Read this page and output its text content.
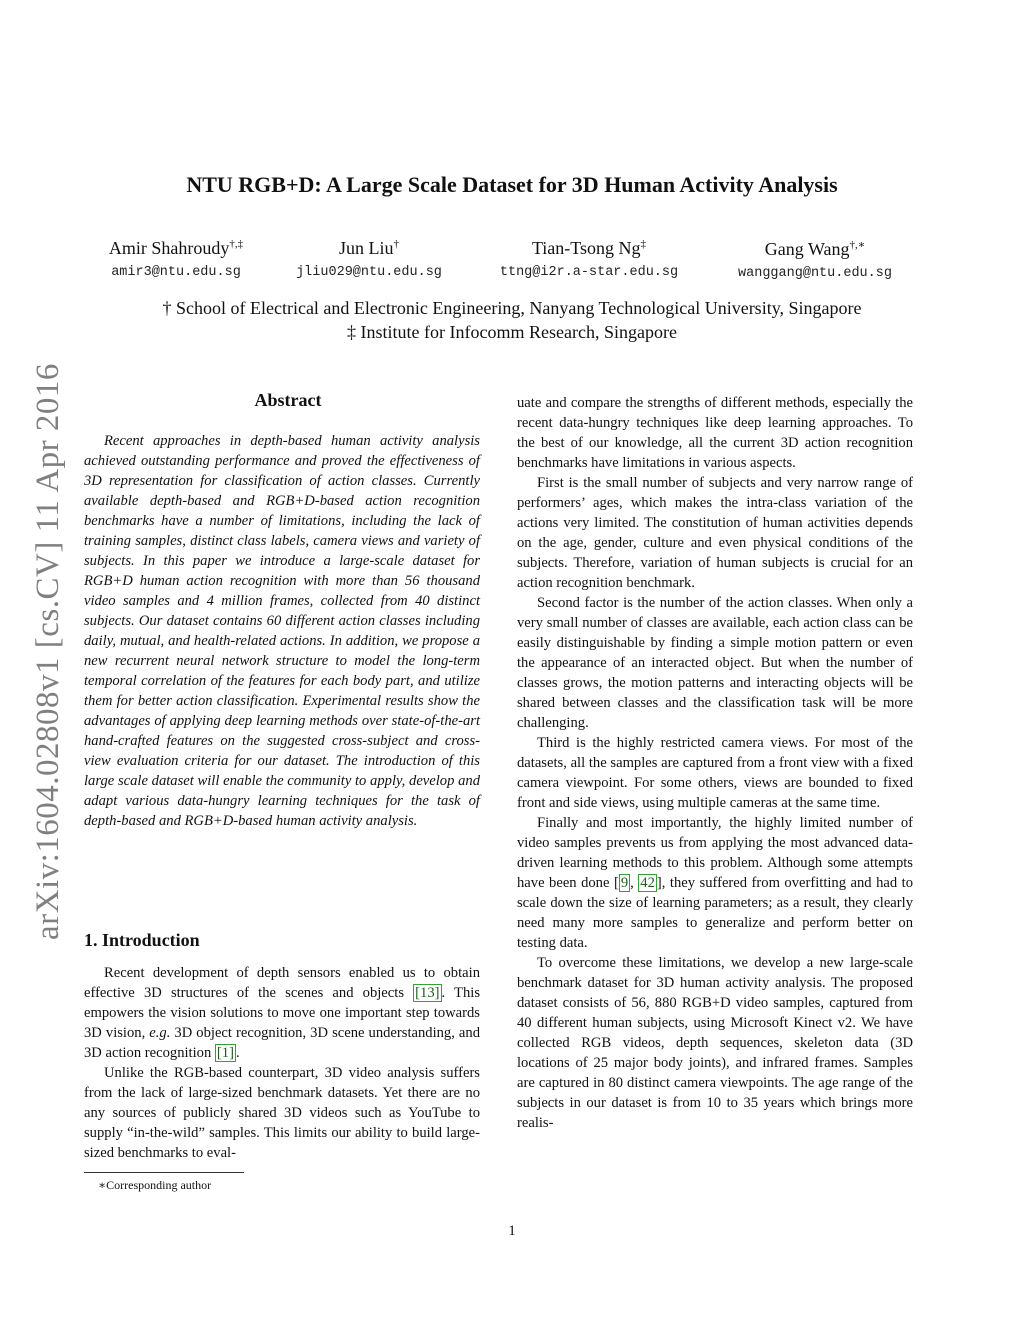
arXiv:1604.02808v1 [cs.CV] 11 Apr 2016
NTU RGB+D: A Large Scale Dataset for 3D Human Activity Analysis
Amir Shahroudy†,‡
amir3@ntu.edu.sg
Jun Liu†
jliu029@ntu.edu.sg
Tian-Tsong Ng‡
ttng@i2r.a-star.edu.sg
Gang Wang†,∗
wanggang@ntu.edu.sg
† School of Electrical and Electronic Engineering, Nanyang Technological University, Singapore
‡ Institute for Infocomm Research, Singapore
Abstract

Recent approaches in depth-based human activity analysis achieved outstanding performance and proved the effectiveness of 3D representation for classification of action classes. Currently available depth-based and RGB+D-based action recognition benchmarks have a number of limitations, including the lack of training samples, distinct class labels, camera views and variety of subjects. In this paper we introduce a large-scale dataset for RGB+D human action recognition with more than 56 thousand video samples and 4 million frames, collected from 40 distinct subjects. Our dataset contains 60 different action classes including daily, mutual, and health-related actions. In addition, we propose a new recurrent neural network structure to model the long-term temporal correlation of the features for each body part, and utilize them for better action classification. Experimental results show the advantages of applying deep learning methods over state-of-the-art hand-crafted features on the suggested cross-subject and cross-view evaluation criteria for our dataset. The introduction of this large scale dataset will enable the community to apply, develop and adapt various data-hungry learning techniques for the task of depth-based and RGB+D-based human activity analysis.

1. Introduction

Recent development of depth sensors enabled us to obtain effective 3D structures of the scenes and objects [13] . This empowers the vision solutions to move one important step towards 3D vision, e.g. 3D object recognition, 3D scene understanding, and 3D action recognition [1] .

Unlike the RGB-based counterpart, 3D video analysis suffers from the lack of large-sized benchmark datasets. Yet there are no any sources of publicly shared 3D videos such as YouTube to supply “in-the-wild” samples. This limits our ability to build large-sized benchmarks to eval-

uate and compare the strengths of different methods, especially the recent data-hungry techniques like deep learning approaches. To the best of our knowledge, all the current 3D action recognition benchmarks have limitations in various aspects.

First is the small number of subjects and very narrow range of performers’ ages, which makes the intra-class variation of the actions very limited. The constitution of human activities depends on the age, gender, culture and even physical conditions of the subjects. Therefore, variation of human subjects is crucial for an action recognition benchmark.

Second factor is the number of the action classes. When only a very small number of classes are available, each action class can be easily distinguishable by finding a simple motion pattern or even the appearance of an interacted object. But when the number of classes grows, the motion patterns and interacting objects will be shared between classes and the classification task will be more challenging.

Third is the highly restricted camera views. For most of the datasets, all the samples are captured from a front view with a fixed camera viewpoint. For some others, views are bounded to fixed front and side views, using multiple cameras at the same time.

Finally and most importantly, the highly limited number of video samples prevents us from applying the most advanced data-driven learning methods to this problem. Although some attempts have been done [ 9 , 42 ], they suffered from overfitting and had to scale down the size of learning parameters; as a result, they clearly need many more samples to generalize and perform better on testing data.

To overcome these limitations, we develop a new large-scale benchmark dataset for 3D human activity analysis. The proposed dataset consists of 56, 880 RGB+D video samples, captured from 40 different human subjects, using Microsoft Kinect v2. We have collected RGB videos, depth sequences, skeleton data (3D locations of 25 major body joints), and infrared frames. Samples are captured in 80 distinct camera viewpoints. The age range of the subjects in our dataset is from 10 to 35 years which brings more realis-

∗Corresponding author
1
